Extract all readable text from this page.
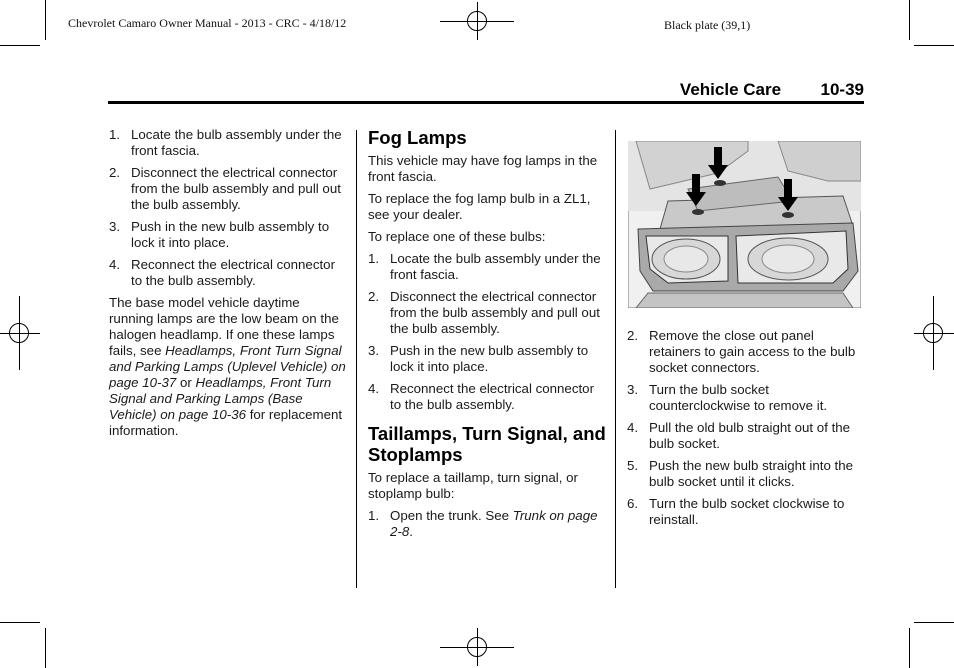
Chevrolet Camaro Owner Manual - 2013 - CRC - 4/18/12	Black plate (39,1)
Vehicle Care 10-39
1. Locate the bulb assembly under the front fascia.
2. Disconnect the electrical connector from the bulb assembly and pull out the bulb assembly.
3. Push in the new bulb assembly to lock it into place.
4. Reconnect the electrical connector to the bulb assembly.

The base model vehicle daytime running lamps are the low beam on the halogen headlamp. If one these lamps fails, see Headlamps, Front Turn Signal and Parking Lamps (Uplevel Vehicle) on page 10-37 or Headlamps, Front Turn Signal and Parking Lamps (Base Vehicle) on page 10-36 for replacement information.

Fog Lamps

This vehicle may have fog lamps in the front fascia.

To replace the fog lamp bulb in a ZL1, see your dealer.

To replace one of these bulbs:

1. Locate the bulb assembly under the front fascia.
2. Disconnect the electrical connector from the bulb assembly and pull out the bulb assembly.
3. Push in the new bulb assembly to lock it into place.
4. Reconnect the electrical connector to the bulb assembly.
Taillamps, Turn Signal, and Stoplamps

To replace a taillamp, turn signal, or stoplamp bulb:

1. Open the trunk. See Trunk on page 2-8.
2. Remove the close out panel retainers to gain access to the bulb socket connectors.
3. Turn the bulb socket counterclockwise to remove it.
4. Pull the old bulb straight out of the bulb socket.
5. Push the new bulb straight into the bulb socket until it clicks.
6. Turn the bulb socket clockwise to reinstall.
